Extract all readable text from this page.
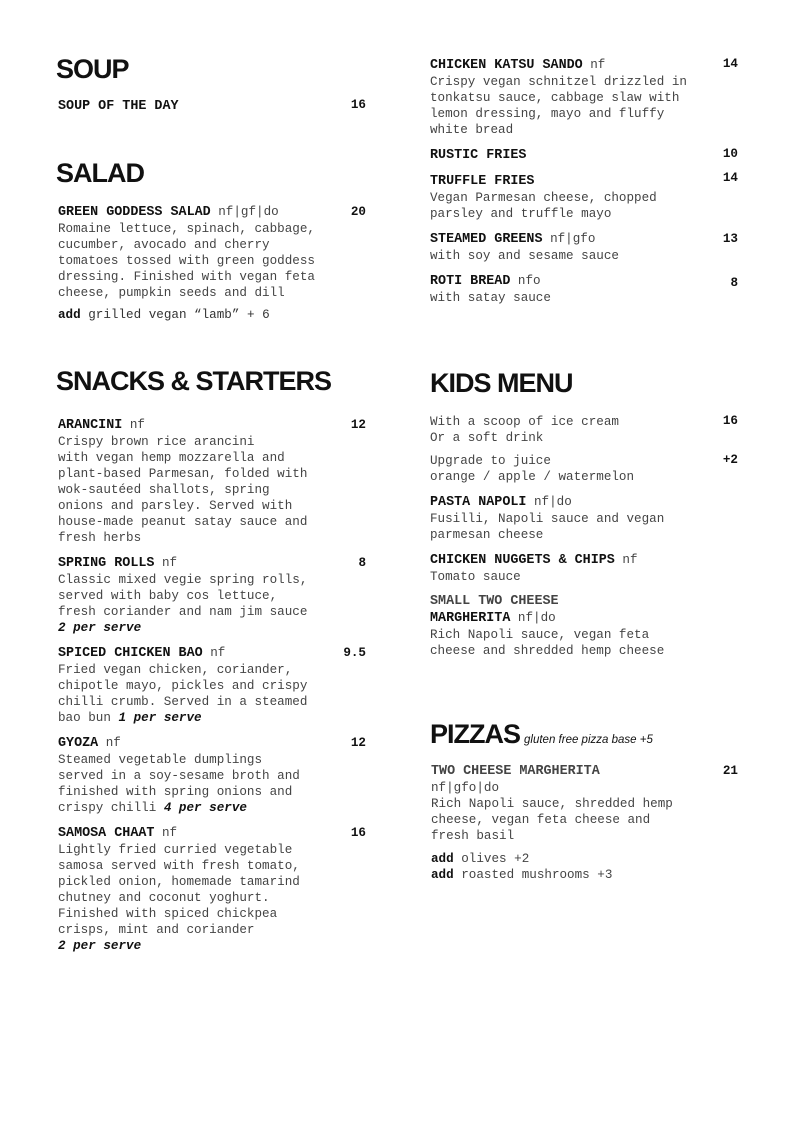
SOUP
SOUP OF THE DAY	16
SALAD
GREEN GODDESS SALAD nf|gf|do
Romaine lettuce, spinach, cabbage,
cucumber, avocado and cherry
tomatoes tossed with green goddess
dressing. Finished with vegan feta
cheese, pumpkin seeds and dill
20
add grilled vegan “lamb” + 6
SNACKS & STARTERS
ARANCINI nf
Crispy brown rice arancini
with vegan hemp mozzarella and
plant-based Parmesan, folded with
wok-sautéed shallots, spring
onions and parsley. Served with
house-made peanut satay sauce and
fresh herbs
12
SPRING ROLLS nf
Classic mixed vegie spring rolls,
served with baby cos lettuce,
fresh coriander and nam jim sauce
2 per serve
8
SPICED CHICKEN BAO nf
Fried vegan chicken, coriander,
chipotle mayo, pickles and crispy
chilli crumb. Served in a steamed
bao bun 1 per serve
9.5
GYOZA nf
Steamed vegetable dumplings
served in a soy-sesame broth and
finished with spring onions and
crispy chilli 4 per serve
12
SAMOSA CHAAT nf
Lightly fried curried vegetable
samosa served with fresh tomato,
pickled onion, homemade tamarind
chutney and coconut yoghurt.
Finished with spiced chickpea
crisps, mint and coriander
2 per serve
16
CHICKEN KATSU SANDO nf
Crispy vegan schnitzel drizzled in
tonkatsu sauce, cabbage slaw with
lemon dressing, mayo and fluffy
white bread
14
RUSTIC FRIES	10
TRUFFLE FRIES
Vegan Parmesan cheese, chopped
parsley and truffle mayo
14
STEAMED GREENS nf|gfo
with soy and sesame sauce
13
ROTI BREAD nfo
with satay sauce
8
KIDS MENU
With a scoop of ice cream
Or a soft drink
16
Upgrade to juice
orange / apple / watermelon
+2
PASTA NAPOLI nf|do
Fusilli, Napoli sauce and vegan
parmesan cheese
CHICKEN NUGGETS & CHIPS nf
Tomato sauce
SMALL TWO CHEESE
MARGHERITA nf|do
Rich Napoli sauce, vegan feta
cheese and shredded hemp cheese
PIZZAS gluten free pizza base +5
TWO CHEESE MARGHERITA
nf|gfo|do
Rich Napoli sauce, shredded hemp
cheese, vegan feta cheese and
fresh basil
21
add olives +2
add roasted mushrooms +3
